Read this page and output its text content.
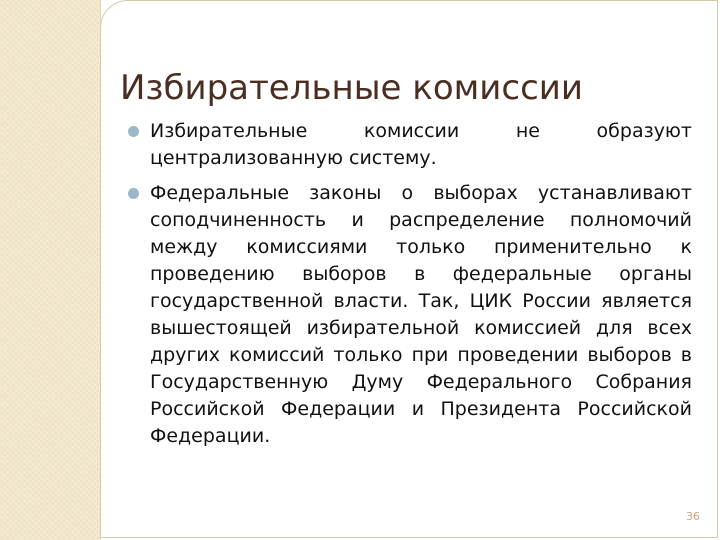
Избирательные комиссии

Избирательные комиссии не образуют централизованную систему.

Федеральные законы о выборах устанавливают соподчиненность и распределение полномочий между комиссиями только применительно к проведению выборов в федеральные органы государственной власти. Так, ЦИК России является вышестоящей избирательной комиссией для всех других комиссий только при проведении выборов в Государственную Думу Федерального Собрания Российской Федерации и Президента Российской Федерации.

36
